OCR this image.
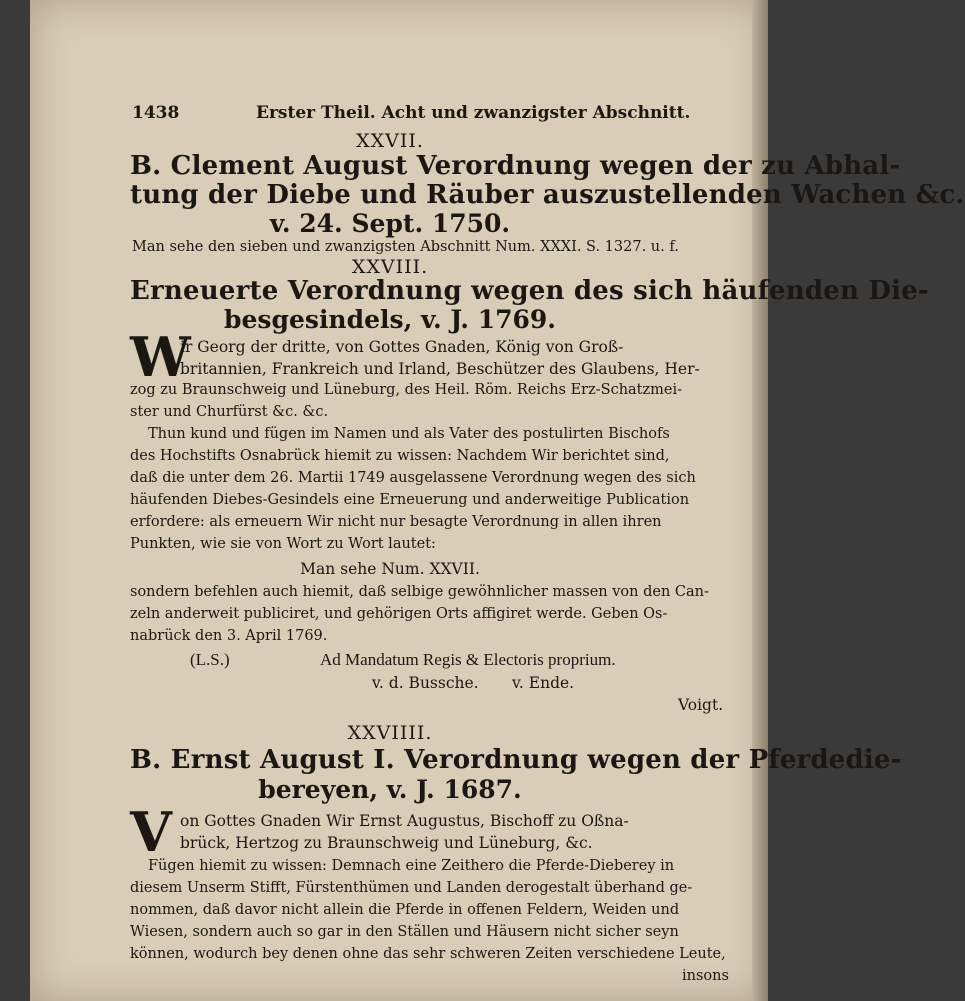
1438	Erster Theil. Acht und zwanzigster Abschnitt.
XXVII.
B. Clement August Verordnung wegen der zu Abhal-
tung der Diebe und Räuber auszustellenden Wachen &c.
v. 24. Sept. 1750.
Man sehe den sieben und zwanzigsten Abschnitt Num. XXXI. S. 1327. u. f.
XXVIII.
Erneuerte Verordnung wegen des sich häufenden Die-
besgesindels, v. J. 1769.
W
ir Georg der dritte, von Gottes Gnaden, König von Groß-
britannien, Frankreich und Irland, Beschützer des Glaubens, Her-
zog zu Braunschweig und Lüneburg, des Heil. Röm. Reichs Erz-Schatzmei-
ster und Churfürst &c. &c.
Thun kund und fügen im Namen und als Vater des postulirten Bischofs
des Hochstifts Osnabrück hiemit zu wissen: Nachdem Wir berichtet sind,
daß die unter dem 26. Martii 1749 ausgelassene Verordnung wegen des sich
häufenden Diebes-Gesindels eine Erneuerung und anderweitige Publication
erfordere: als erneuern Wir nicht nur besagte Verordnung in allen ihren
Punkten, wie sie von Wort zu Wort lautet:
Man sehe Num. XXVII.
sondern befehlen auch hiemit, daß selbige gewöhnlicher massen von den Can-
zeln anderweit publiciret, und gehörigen Orts affigiret werde. Geben Os-
nabrück den 3. April 1769.
(L.S.)	Ad Mandatum Regis & Electoris proprium.
v. d. Bussche. v. Ende.
Voigt.
XXVIIII.
B. Ernst August I. Verordnung wegen der Pferdedie-
bereyen, v. J. 1687.
V on Gottes Gnaden Wir Ernst Augustus, Bischoff zu Oßna-
brück, Hertzog zu Braunschweig und Lüneburg, &c.
Fügen hiemit zu wissen: Demnach eine Zeithero die Pferde-Dieberey in
diesem Unserm Stifft, Fürstenthümen und Landen derogestalt überhand ge-
nommen, daß davor nicht allein die Pferde in offenen Feldern, Weiden und
Wiesen, sondern auch so gar in den Ställen und Häusern nicht sicher seyn
können, wodurch bey denen ohne das sehr schweren Zeiten verschiedene Leute,
insons
